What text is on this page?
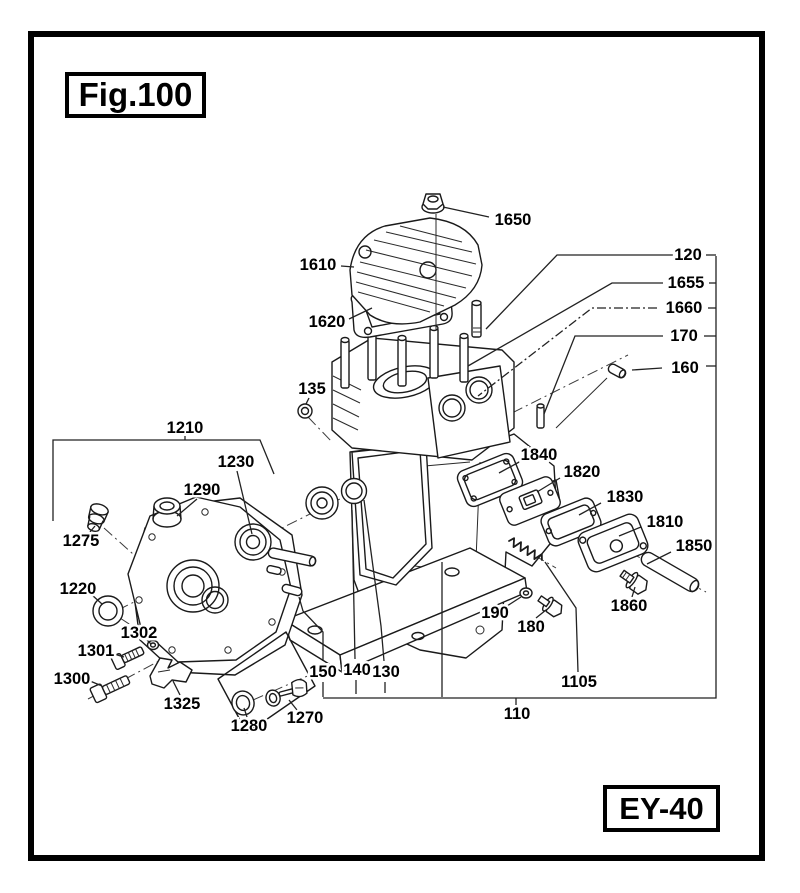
1650
1610
1620
120
1655
1660
170
160
135
1210
1230
1290
1275
1220
1302
1301
1300
1325
1280 1270
150 140 130
110
190
180
1105
1860
1840
1820
1830
1810
1850
Fig.100
EY-40
